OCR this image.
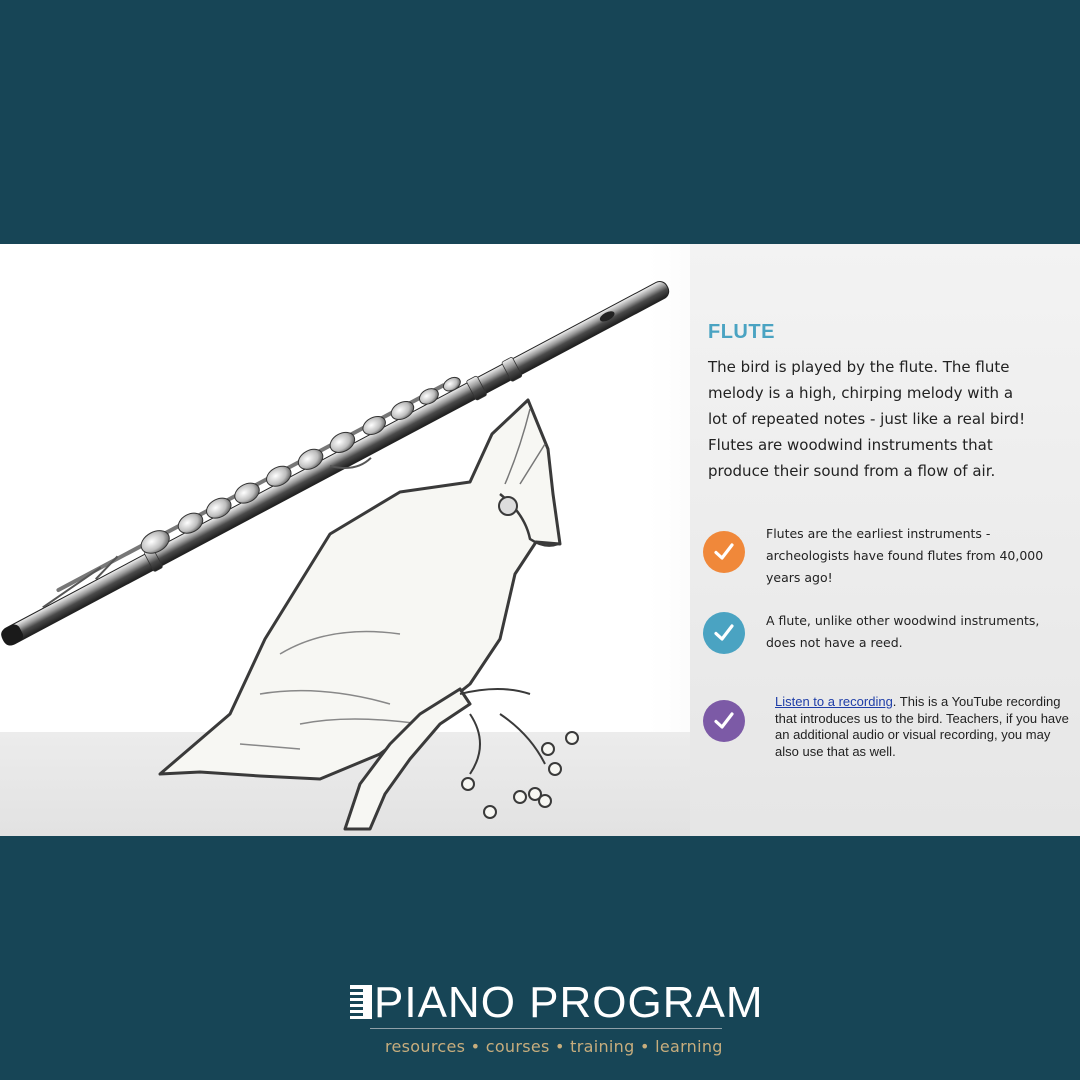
FLUTE
The bird is played by the flute. The flute melody is a high, chirping melody with a lot of repeated notes - just like a real bird! Flutes are woodwind instruments that produce their sound from a flow of air.
Flutes are the earliest instruments - archeologists have found flutes from 40,000 years ago!
A flute, unlike other woodwind instruments, does not have a reed.
Listen to a recording. This is a YouTube recording that introduces us to the bird. Teachers, if you have an additional audio or visual recording, you may also use that as well.
PIANO PROGRAM
resources • courses • training • learning
